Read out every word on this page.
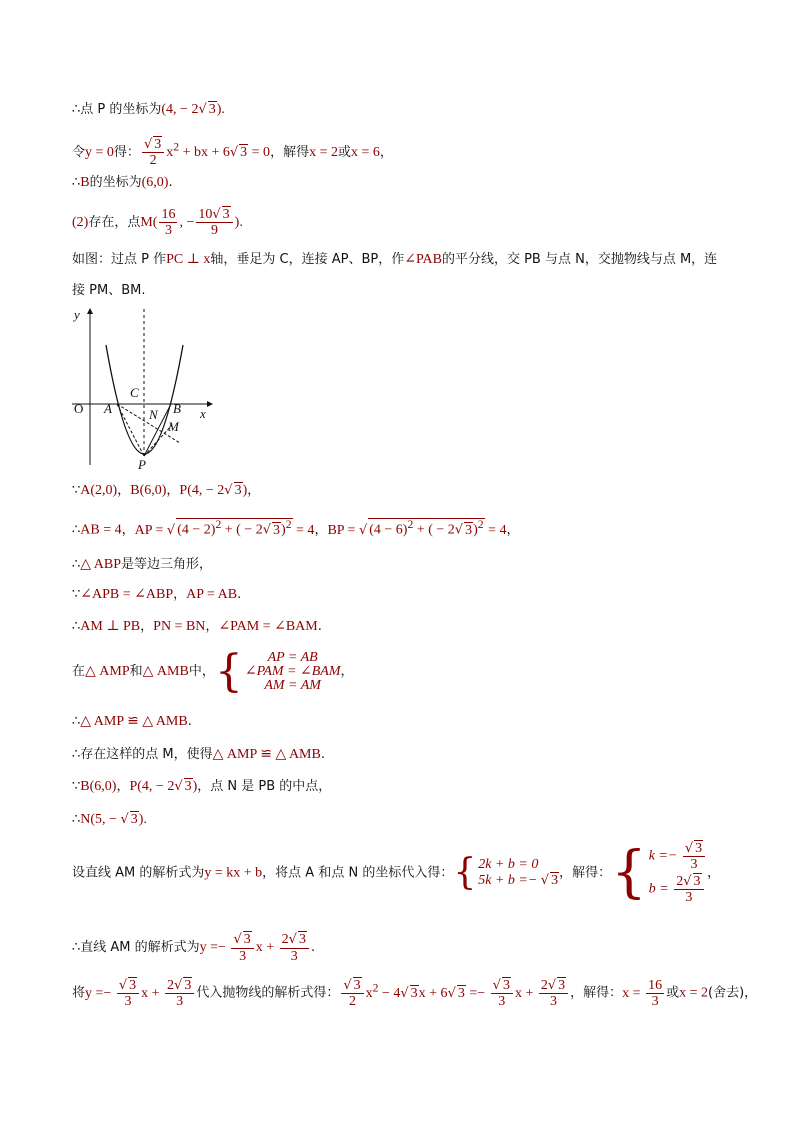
∴点 P 的坐标为(4, − 2√ 3).
令y = 0得： $\frac{√ 3}{2} x^2$ + bx + 6√ 3 = 0，解得x = 2或x = 6，
∴B的坐标为(6,0).
(2)存在，点$M( \frac{16}{3}$ , − $\frac{10√ 3}{9}$ ).
如图：过点 P 作PC ⊥ x轴，垂足为 C，连接 AP、BP，作∠PAB的平分线，交 PB 与点 N，交抛物线与点 M，连
接 PM、BM.
y
x
O A	B
C
N
M
P
∵A(2,0)，B(6,0)，P(4, − 2√ 3)，
∴AB = 4，AP = √ $(4 - 2)^2$ + ( − 2√ 3)$^2$ = 4，BP = √ $(4 - 6)^2$ + ( − 2√ 3)$^2$ = 4，
∴△ ABP是等边三角形，
∵∠APB = ∠ABP，AP = AB.
∴AM ⊥ PB，PN = BN，∠PAM = ∠BAM.
在△ AMP和△ AMB中，{	AP = AB
∠PAM = ∠BAM
AM = AM
，
∴△ AMP ≌ △ AMB.
∴存在这样的点 M，使得△ AMP ≌ △ AMB.
∵B(6,0)，P(4, − 2√ 3)，点 N 是 PB 的中点，
∴N(5, − √ 3).
设直线 AM 的解析式为y = kx + b，将点 A 和点 N 的坐标代入得：{ 2k + b = 0
5k + b =− √ 3 ，解得：{ $k =- \frac{√ 3}{3}$
$b = \frac{2√ 3}{3}$ ，
∴直线 AM 的解析式为$y =- \frac{√ 3}{3}$ $x + \frac{2√ 3}{3}$ .
将$y =- \frac{√ 3}{3}$ $x + \frac{2√ 3}{3}$ 代入抛物线的解析式得： $\frac{√ 3}{2} x^2 - 4√$ 3x + 6√ $3 =- \frac{√ 3}{3}$ $x + \frac{2√ 3}{3}$ ，解得：$x = \frac{16}{3}$ 或x = 2(舍去)，
